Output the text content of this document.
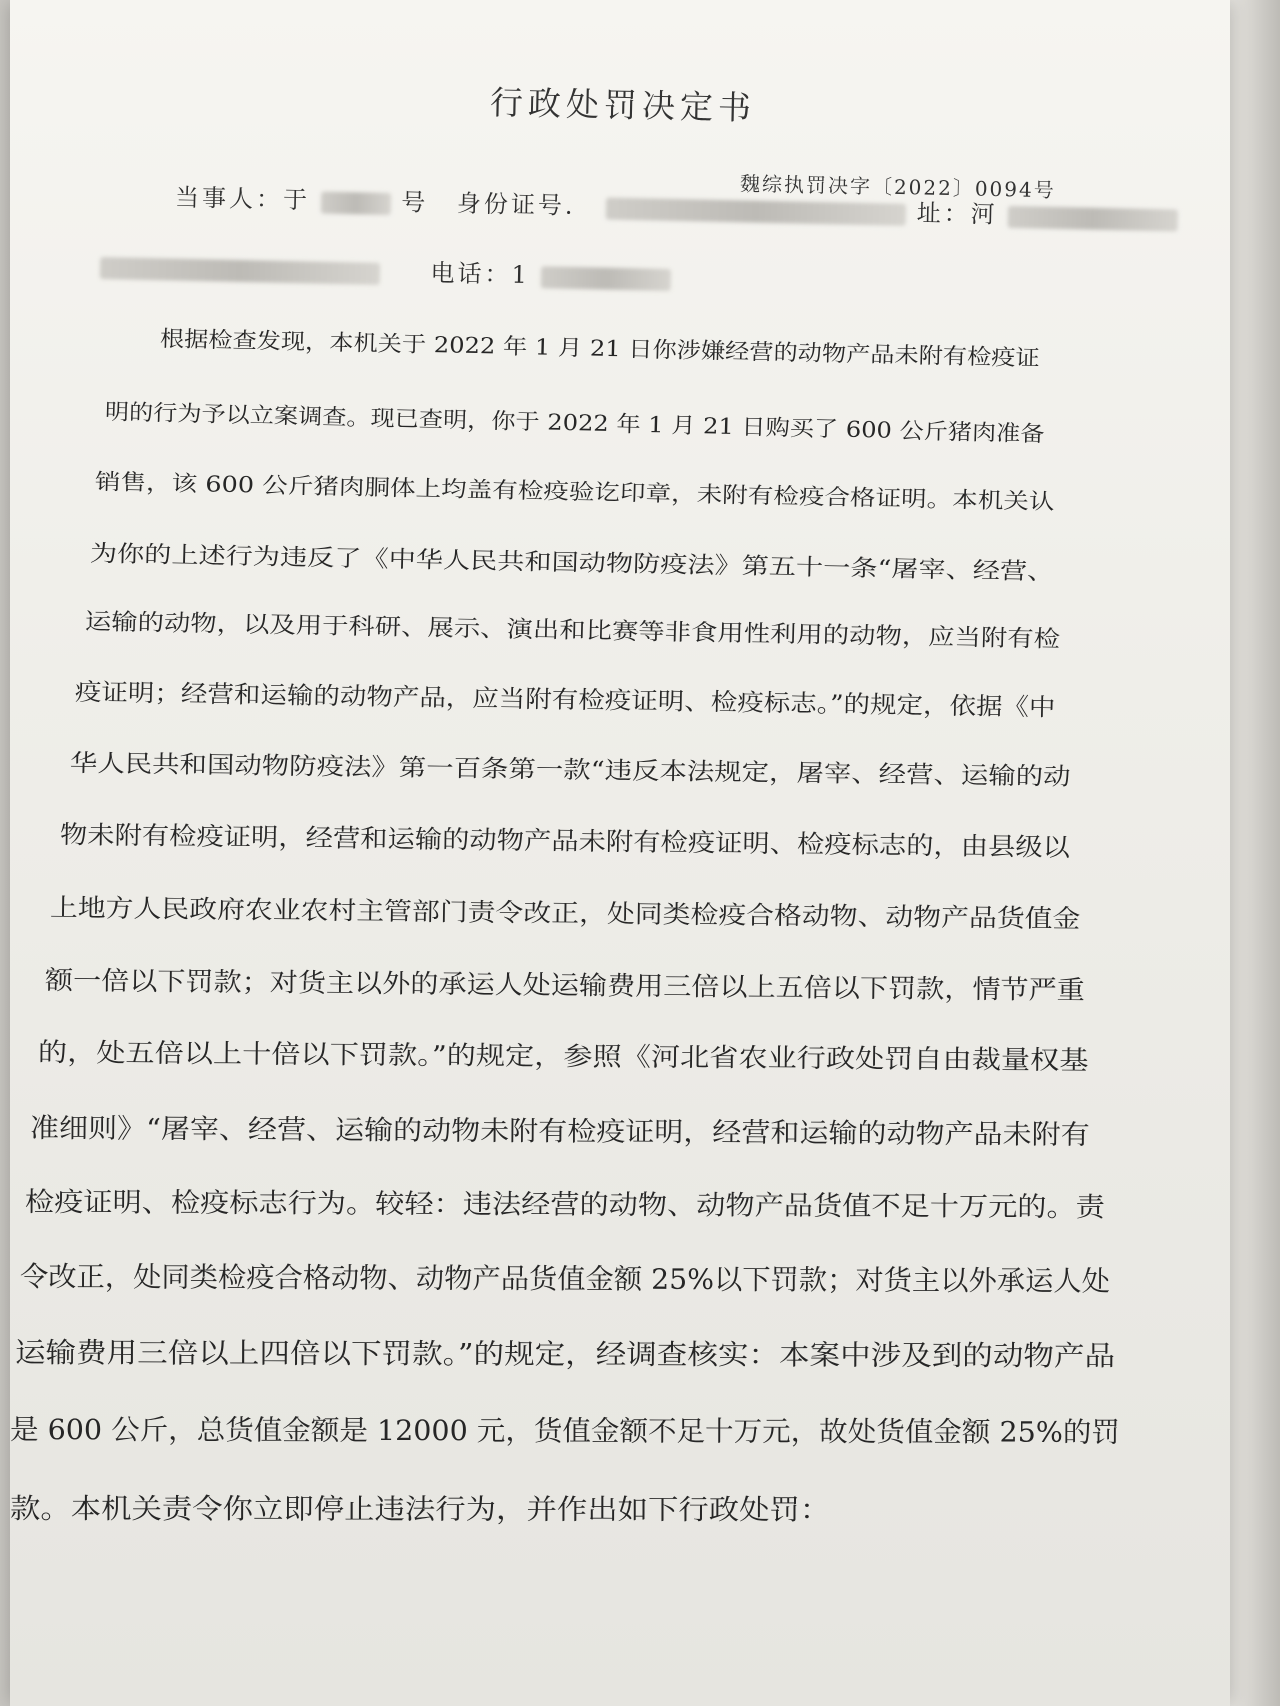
行政处罚决定书
魏综执罚决字〔2022〕0094号
当事人：于	号 身份证号.	址：河
电话：1
根据检查发现，本机关于 2022 年 1 月 21 日你涉嫌经营的动物产品未附有检疫证
明的行为予以立案调查。现已查明，你于 2022 年 1 月 21 日购买了 600 公斤猪肉准备
销售，该 600 公斤猪肉胴体上均盖有检疫验讫印章，未附有检疫合格证明。本机关认
为你的上述行为违反了《中华人民共和国动物防疫法》第五十一条“屠宰、经营、
运输的动物，以及用于科研、展示、演出和比赛等非食用性利用的动物，应当附有检
疫证明；经营和运输的动物产品，应当附有检疫证明、检疫标志。”的规定，依据《中
华人民共和国动物防疫法》第一百条第一款“违反本法规定，屠宰、经营、运输的动
物未附有检疫证明，经营和运输的动物产品未附有检疫证明、检疫标志的，由县级以
上地方人民政府农业农村主管部门责令改正，处同类检疫合格动物、动物产品货值金
额一倍以下罚款；对货主以外的承运人处运输费用三倍以上五倍以下罚款，情节严重
的，处五倍以上十倍以下罚款。”的规定，参照《河北省农业行政处罚自由裁量权基
准细则》“屠宰、经营、运输的动物未附有检疫证明，经营和运输的动物产品未附有
检疫证明、检疫标志行为。较轻：违法经营的动物、动物产品货值不足十万元的。责
令改正，处同类检疫合格动物、动物产品货值金额 25%以下罚款；对货主以外承运人处
运输费用三倍以上四倍以下罚款。”的规定，经调查核实：本案中涉及到的动物产品
是 600 公斤，总货值金额是 12000 元，货值金额不足十万元，故处货值金额 25%的罚
款。本机关责令你立即停止违法行为，并作出如下行政处罚：
